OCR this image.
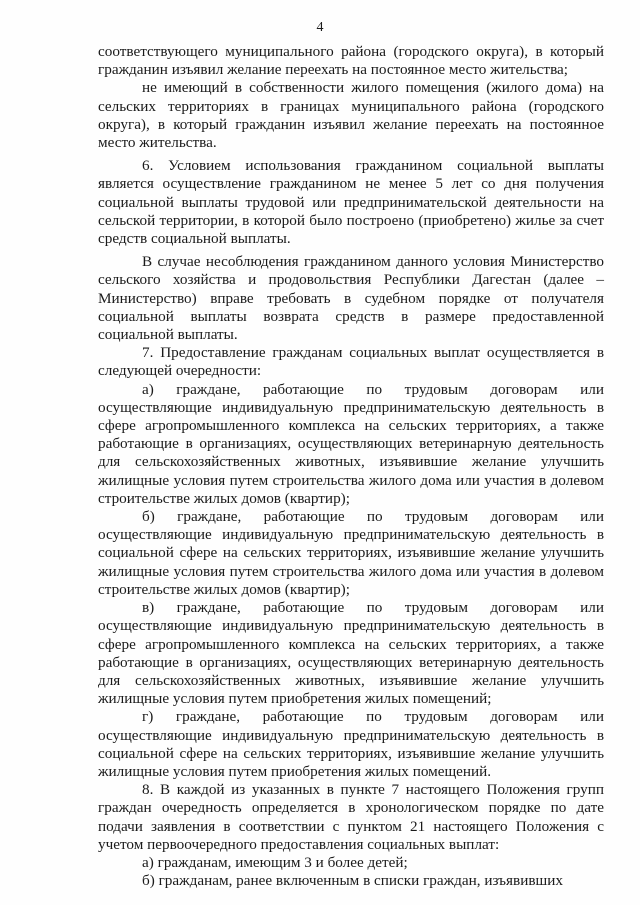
4

соответствующего муниципального района (городского округа), в который гражданин изъявил желание переехать на постоянное место жительства;

не имеющий в собственности жилого помещения (жилого дома) на сельских территориях в границах муниципального района (городского округа), в который гражданин изъявил желание переехать на постоянное место жительства.

6. Условием использования гражданином социальной выплаты является осуществление гражданином не менее 5 лет со дня получения социальной выплаты трудовой или предпринимательской деятельности на сельской территории, в которой было построено (приобретено) жилье за счет средств социальной выплаты.

В случае несоблюдения гражданином данного условия Министерство сельского хозяйства и продовольствия Республики Дагестан (далее – Министерство) вправе требовать в судебном порядке от получателя социальной выплаты возврата средств в размере предоставленной социальной выплаты.

7. Предоставление гражданам социальных выплат осуществляется в следующей очередности:

а) граждане, работающие по трудовым договорам или осуществляющие индивидуальную предпринимательскую деятельность в сфере агропромышленного комплекса на сельских территориях, а также работающие в организациях, осуществляющих ветеринарную деятельность для сельскохозяйственных животных, изъявившие желание улучшить жилищные условия путем строительства жилого дома или участия в долевом строительстве жилых домов (квартир);

б) граждане, работающие по трудовым договорам или осуществляющие индивидуальную предпринимательскую деятельность в социальной сфере на сельских территориях, изъявившие желание улучшить жилищные условия путем строительства жилого дома или участия в долевом строительстве жилых домов (квартир);

в) граждане, работающие по трудовым договорам или осуществляющие индивидуальную предпринимательскую деятельность в сфере агропромышленного комплекса на сельских территориях, а также работающие в организациях, осуществляющих ветеринарную деятельность для сельскохозяйственных животных, изъявившие желание улучшить жилищные условия путем приобретения жилых помещений;

г) граждане, работающие по трудовым договорам или осуществляющие индивидуальную предпринимательскую деятельность в социальной сфере на сельских территориях, изъявившие желание улучшить жилищные условия путем приобретения жилых помещений.

8. В каждой из указанных в пункте 7 настоящего Положения групп граждан очередность определяется в хронологическом порядке по дате подачи заявления в соответствии с пунктом 21 настоящего Положения с учетом первоочередного предоставления социальных выплат:

а) гражданам, имеющим 3 и более детей;

б) гражданам, ранее включенным в списки граждан, изъявивших
